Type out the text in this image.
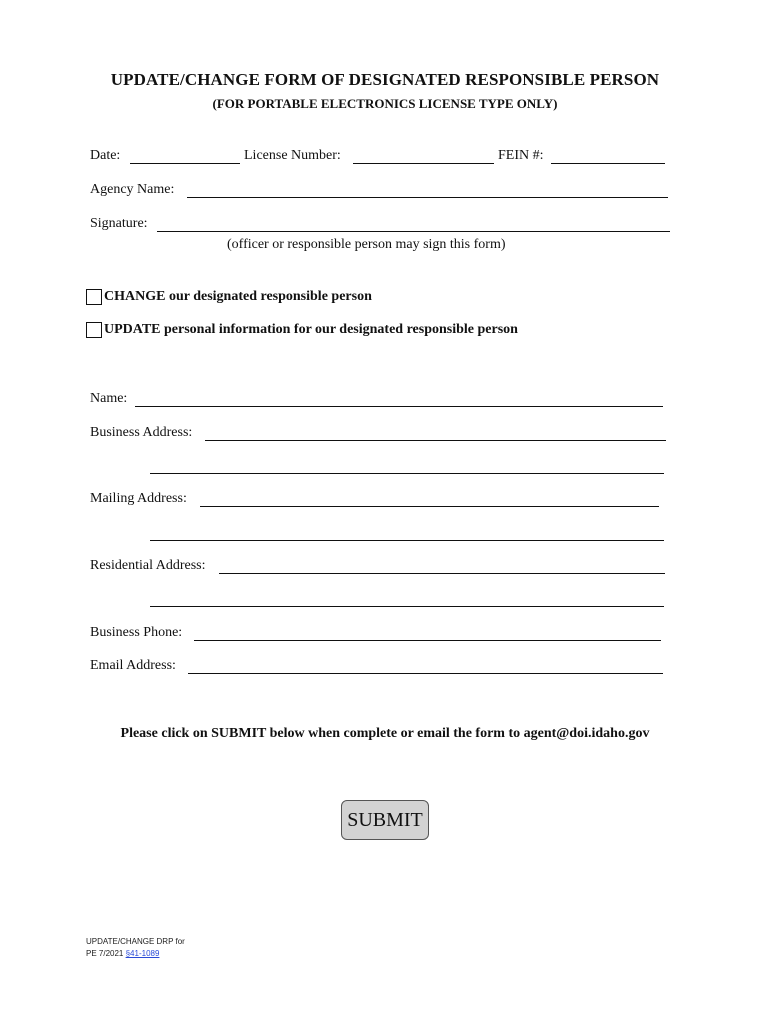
UPDATE/CHANGE FORM OF DESIGNATED RESPONSIBLE PERSON
(FOR PORTABLE ELECTRONICS LICENSE TYPE ONLY)
Date:	License Number:	FEIN #:
Agency Name:
Signature:
(officer or responsible person may sign this form)
CHANGE our designated responsible person
UPDATE personal information for our designated responsible person
Name:
Business Address:
Mailing Address:
Residential Address:
Business Phone:
Email Address:
Please click on SUBMIT below when complete or email the form to agent@doi.idaho.gov
SUBMIT
UPDATE/CHANGE DRP for
PE 7/2021 §41-1089
